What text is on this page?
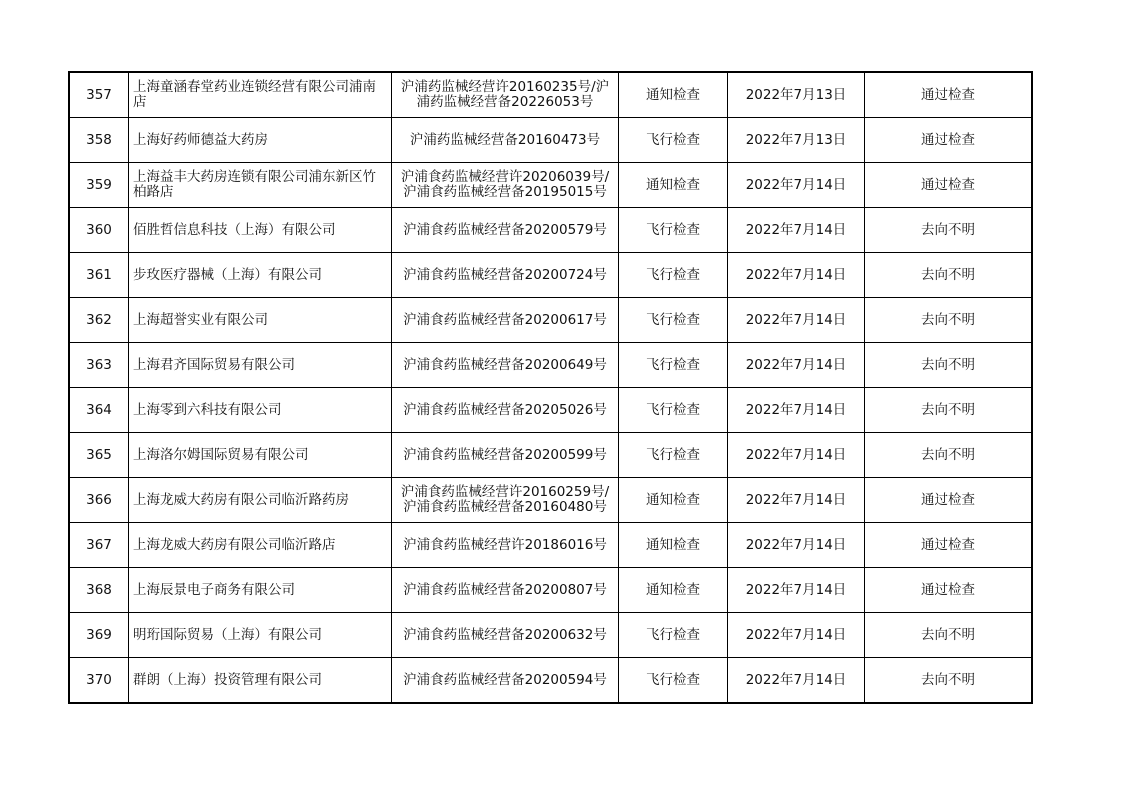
357	上海童涵春堂药业连锁经营有限公司浦南店	沪浦药监械经营许20160235号/沪浦药监械经营备20226053号	通知检查	2022年7月13日	通过检查
358	上海好药师德益大药房	沪浦药监械经营备20160473号	飞行检查	2022年7月13日	通过检查
359	上海益丰大药房连锁有限公司浦东新区竹柏路店	沪浦食药监械经营许20206039号/沪浦食药监械经营备20195015号	通知检查	2022年7月14日	通过检查
360	佰胜哲信息科技（上海）有限公司	沪浦食药监械经营备20200579号	飞行检查	2022年7月14日	去向不明
361	步玫医疗器械（上海）有限公司	沪浦食药监械经营备20200724号	飞行检查	2022年7月14日	去向不明
362	上海超誉实业有限公司	沪浦食药监械经营备20200617号	飞行检查	2022年7月14日	去向不明
363	上海君齐国际贸易有限公司	沪浦食药监械经营备20200649号	飞行检查	2022年7月14日	去向不明
364	上海零到六科技有限公司	沪浦食药监械经营备20205026号	飞行检查	2022年7月14日	去向不明
365	上海洛尔姆国际贸易有限公司	沪浦食药监械经营备20200599号	飞行检查	2022年7月14日	去向不明
366	上海龙威大药房有限公司临沂路药房	沪浦食药监械经营许20160259号/沪浦食药监械经营备20160480号	通知检查	2022年7月14日	通过检查
367	上海龙威大药房有限公司临沂路店	沪浦食药监械经营许20186016号	通知检查	2022年7月14日	通过检查
368	上海辰景电子商务有限公司	沪浦食药监械经营备20200807号	通知检查	2022年7月14日	通过检查
369	明珩国际贸易（上海）有限公司	沪浦食药监械经营备20200632号	飞行检查	2022年7月14日	去向不明
370	群朗（上海）投资管理有限公司	沪浦食药监械经营备20200594号	飞行检查	2022年7月14日	去向不明
